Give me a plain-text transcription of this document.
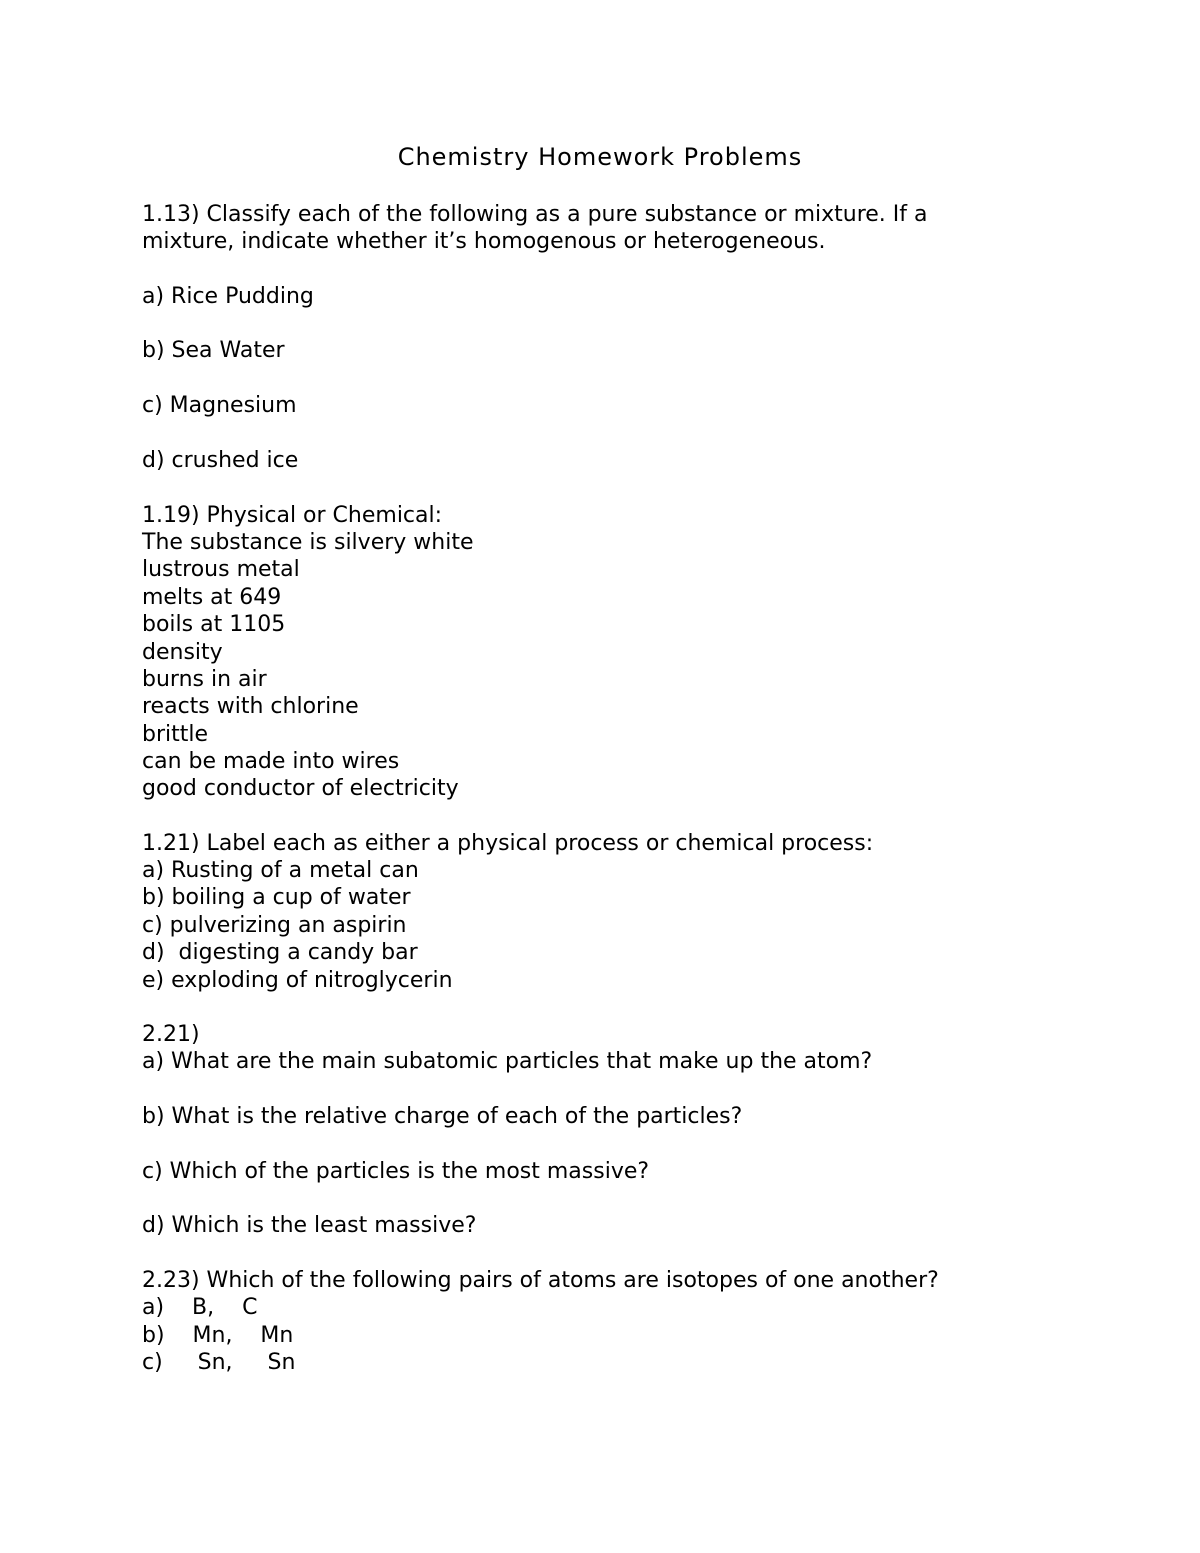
Chemistry Homework Problems
1.13) Classify each of the following as a pure substance or mixture. If a
mixture, indicate whether it’s homogenous or heterogeneous.
a) Rice Pudding
b) Sea Water
c) Magnesium
d) crushed ice
1.19) Physical or Chemical:
The substance is silvery white
lustrous metal
melts at 649
boils at 1105
density
burns in air
reacts with chlorine
brittle
can be made into wires
good conductor of electricity
1.21) Label each as either a physical process or chemical process:
a) Rusting of a metal can
b) boiling a cup of water
c) pulverizing an aspirin
d)  digesting a candy bar
e) exploding of nitroglycerin
2.21)
a) What are the main subatomic particles that make up the atom?
b) What is the relative charge of each of the particles?
c) Which of the particles is the most massive?
d) Which is the least massive?
2.23) Which of the following pairs of atoms are isotopes of one another?
a)    B,    C
b)    Mn,    Mn
c)     Sn,     Sn
